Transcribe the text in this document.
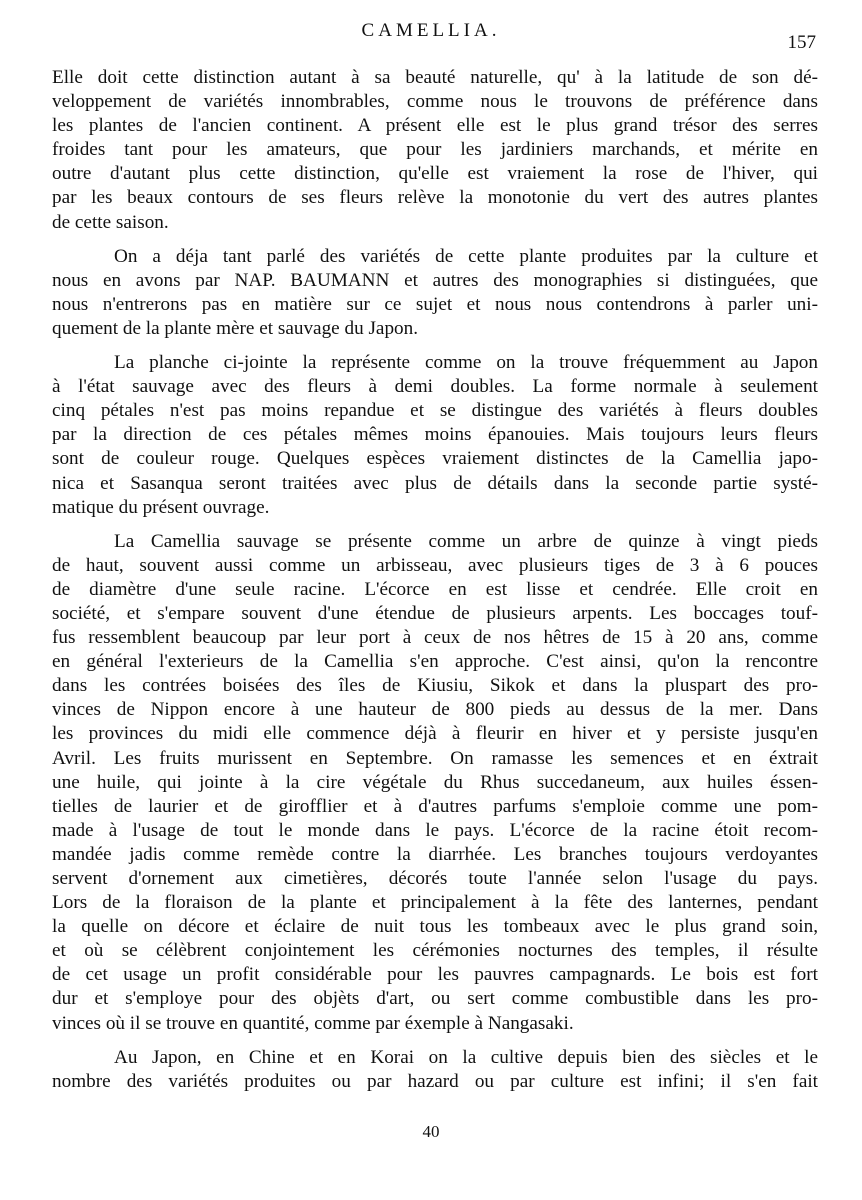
CAMELLIA.
157
Elle doit cette distinction autant à sa beauté naturelle, qu' à la latitude de son dé-
veloppement de variétés innombrables, comme nous le trouvons de préférence dans
les plantes de l'ancien continent. A présent elle est le plus grand trésor des serres
froides tant pour les amateurs, que pour les jardiniers marchands, et mérite en
outre d'autant plus cette distinction, qu'elle est vraiement la rose de l'hiver, qui
par les beaux contours de ses fleurs relève la monotonie du vert des autres plantes
de cette saison.
On a déja tant parlé des variétés de cette plante produites par la culture et
nous en avons par NAP. BAUMANN et autres des monographies si distinguées, que
nous n'entrerons pas en matière sur ce sujet et nous nous contendrons à parler uni-
quement de la plante mère et sauvage du Japon.
La planche ci-jointe la représente comme on la trouve fréquemment au Japon
à l'état sauvage avec des fleurs à demi doubles. La forme normale à seulement
cinq pétales n'est pas moins repandue et se distingue des variétés à fleurs doubles
par la direction de ces pétales mêmes moins épanouies. Mais toujours leurs fleurs
sont de couleur rouge. Quelques espèces vraiement distinctes de la Camellia japo-
nica et Sasanqua seront traitées avec plus de détails dans la seconde partie systé-
matique du présent ouvrage.
La Camellia sauvage se présente comme un arbre de quinze à vingt pieds
de haut, souvent aussi comme un arbisseau, avec plusieurs tiges de 3 à 6 pouces
de diamètre d'une seule racine. L'écorce en est lisse et cendrée. Elle croit en
société, et s'empare souvent d'une étendue de plusieurs arpents. Les boccages touf-
fus ressemblent beaucoup par leur port à ceux de nos hêtres de 15 à 20 ans, comme
en général l'exterieurs de la Camellia s'en approche. C'est ainsi, qu'on la rencontre
dans les contrées boisées des îles de Kiusiu, Sikok et dans la pluspart des pro-
vinces de Nippon encore à une hauteur de 800 pieds au dessus de la mer. Dans
les provinces du midi elle commence déjà à fleurir en hiver et y persiste jusqu'en
Avril. Les fruits murissent en Septembre. On ramasse les semences et en éxtrait
une huile, qui jointe à la cire végétale du Rhus succedaneum, aux huiles éssen-
tielles de laurier et de girofflier et à d'autres parfums s'emploie comme une pom-
made à l'usage de tout le monde dans le pays. L'écorce de la racine étoit recom-
mandée jadis comme remède contre la diarrhée. Les branches toujours verdoyantes
servent d'ornement aux cimetières, décorés toute l'année selon l'usage du pays.
Lors de la floraison de la plante et principalement à la fête des lanternes, pendant
la quelle on décore et éclaire de nuit tous les tombeaux avec le plus grand soin,
et où se célèbrent conjointement les cérémonies nocturnes des temples, il résulte
de cet usage un profit considérable pour les pauvres campagnards. Le bois est fort
dur et s'employe pour des objèts d'art, ou sert comme combustible dans les pro-
vinces où il se trouve en quantité, comme par éxemple à Nangasaki.
Au Japon, en Chine et en Korai on la cultive depuis bien des siècles et le
nombre des variétés produites ou par hazard ou par culture est infini; il s'en fait
40
